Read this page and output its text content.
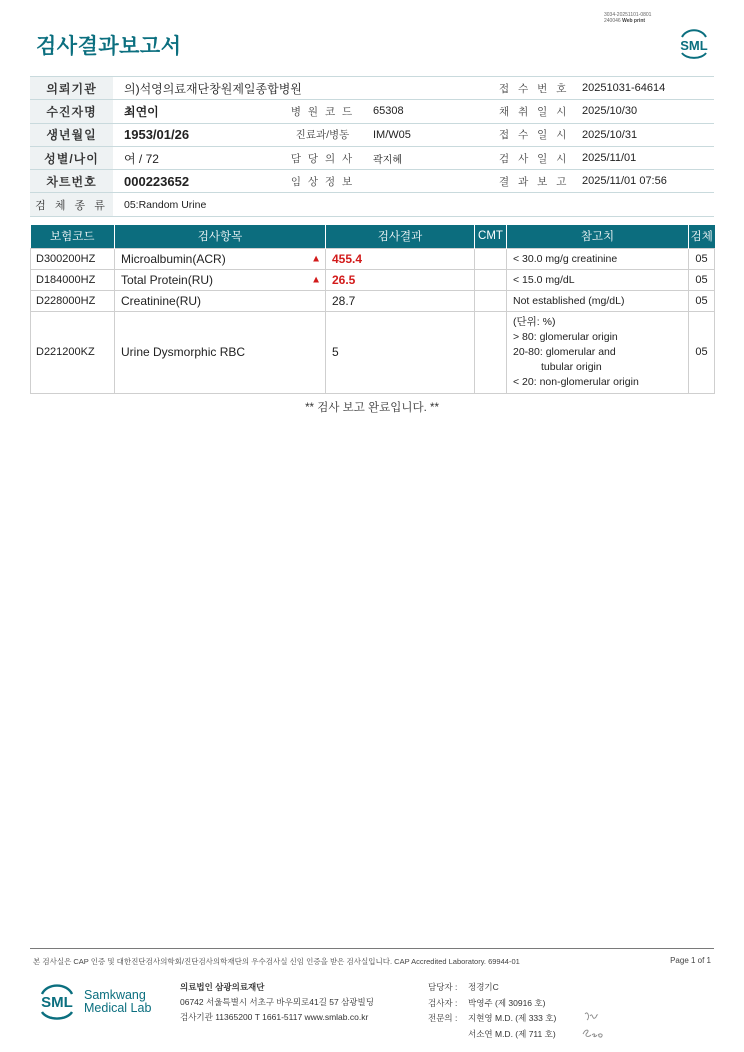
3034-20251101-0801
240046 Web print
검사결과보고서	SML
의뢰기관	의)석영의료재단창원제일종합병원			접 수 번 호	20251031-64614
수진자명	최연이	병 원 코 드	65308	채 취 일 시	2025/10/30
생년월일	1953/01/26	진료과/병동	IM/W05	접 수 일 시	2025/10/31
성별/나이	여 / 72	담 당 의 사	곽지혜	검 사 일 시	2025/11/01
차트번호	000223652	임 상 정 보		결 과 보 고	2025/11/01 07:56
검 체 종 류	05:Random Urine				
보험코드	검사항목	검사결과	CMT	참고치	검체
D300200HZ	Microalbumin(ACR) ▲	455.4		< 30.0 mg/g creatinine	05
D184000HZ	Total Protein(RU) ▲	26.5		< 15.0 mg/dL	05
D228000HZ	Creatinine(RU)	28.7		Not established (mg/dL)	05
D221200KZ	Urine Dysmorphic RBC	5		(단위: %)
> 80: glomerular origin
20-80: glomerular and
tubular origin
< 20: non-glomerular origin	05
** 검사 보고 완료입니다. **
본 검사실은 CAP 인증 및 대한진단검사의학회/진단검사의학재단의 우수검사실 신임 인증을 받은 검사실입니다. CAP Accredited Laboratory. 69944-01	Page 1 of 1
SML Samkwang
Medical Lab
의료법인 삼광의료재단
06742 서울특별시 서초구 바우뫼로41길 57 삼광빌딩
검사기관 11365200 T 1661-5117 www.smlab.co.kr
담당자 : 정경기C
검사자 : 박영주 (제 30916 호)
전문의 : 지현영 M.D. (제 333 호)
서소연 M.D. (제 711 호)
